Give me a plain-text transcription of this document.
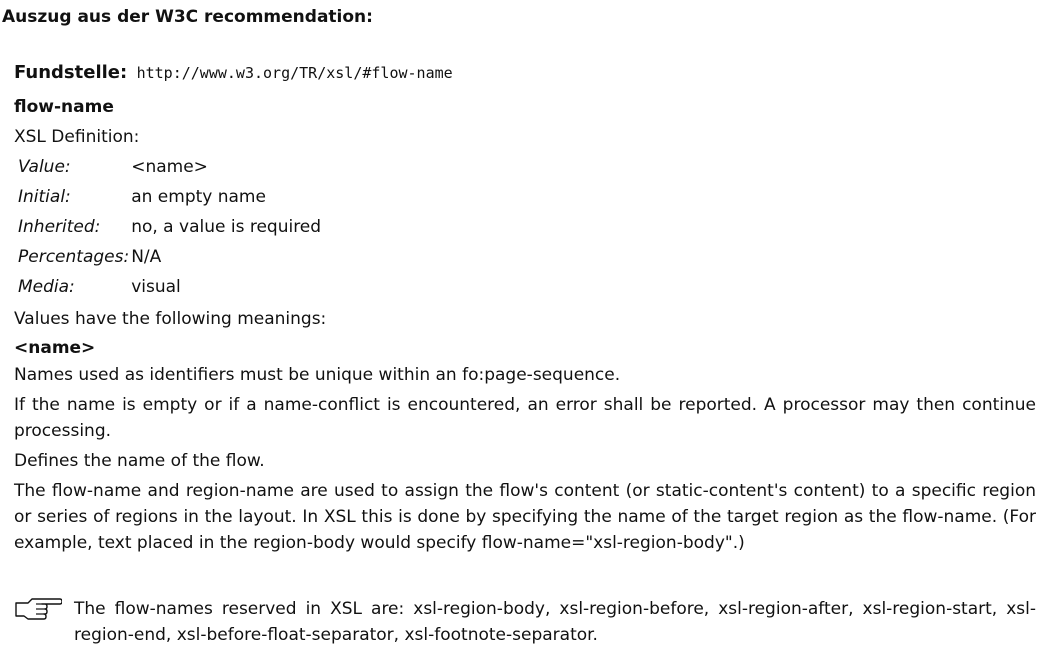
Auszug aus der W3C recommendation:
Fundstelle: http://www.w3.org/TR/xsl/#flow-name
flow-name
XSL Definition:
Value:	<name>
Initial:	an empty name
Inherited:	no, a value is required
Percentages:	N/A
Media:	visual
Values have the following meanings:
<name>

Names used as identifiers must be unique within an fo:page-sequence.

If the name is empty or if a name-conflict is encountered, an error shall be reported. A processor may then continue processing.

Defines the name of the flow.

The flow-name and region-name are used to assign the flow's content (or static-content's content) to a specific region or series of regions in the layout. In XSL this is done by specifying the name of the target region as the flow-name. (For example, text placed in the region-body would specify flow-name="xsl-region-body".)

The flow-names reserved in XSL are: xsl-region-body, xsl-region-before, xsl-region-after, xsl-region-start, xsl-region-end, xsl-before-float-separator, xsl-footnote-separator.
